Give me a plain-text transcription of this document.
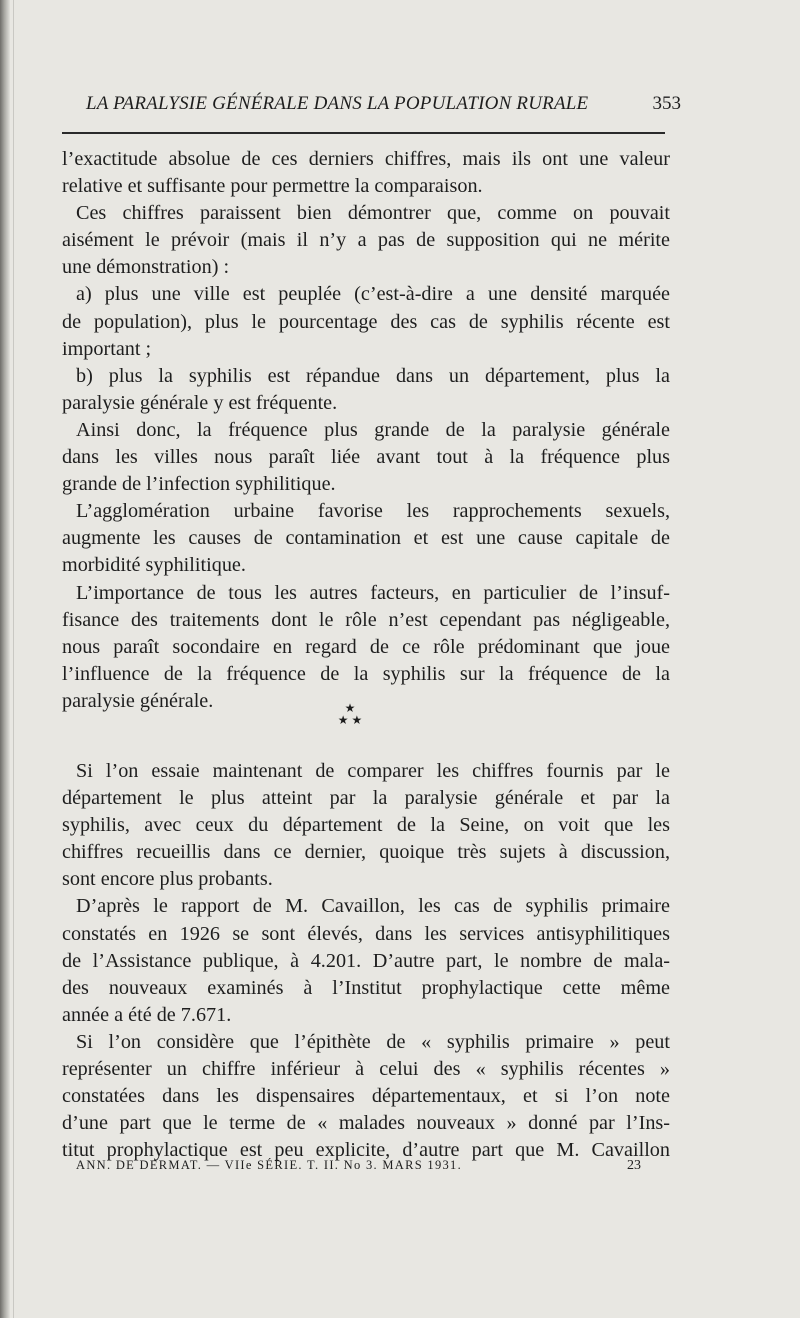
LA PARALYSIE GÉNÉRALE DANS LA POPULATION RURALE	353
l’exactitude absolue de ces derniers chiffres, mais ils ont une valeur
relative et suffisante pour permettre la comparaison.
Ces chiffres paraissent bien démontrer que, comme on pouvait
aisément le prévoir (mais il n’y a pas de supposition qui ne mérite
une démonstration) :
a) plus une ville est peuplée (c’est-à-dire a une densité marquée
de population), plus le pourcentage des cas de syphilis récente est
important ;
b) plus la syphilis est répandue dans un département, plus la
paralysie générale y est fréquente.
Ainsi donc, la fréquence plus grande de la paralysie générale
dans les villes nous paraît liée avant tout à la fréquence plus
grande de l’infection syphilitique.
L’agglomération urbaine favorise les rapprochements sexuels,
augmente les causes de contamination et est une cause capitale de
morbidité syphilitique.
L’importance de tous les autres facteurs, en particulier de l’insuf-
fisance des traitements dont le rôle n’est cependant pas négligeable,
nous paraît socondaire en regard de ce rôle prédominant que joue
l’influence de la fréquence de la syphilis sur la fréquence de la
paralysie générale.	★
★ ★
Si l’on essaie maintenant de comparer les chiffres fournis par le
département le plus atteint par la paralysie générale et par la
syphilis, avec ceux du département de la Seine, on voit que les
chiffres recueillis dans ce dernier, quoique très sujets à discussion,
sont encore plus probants.
D’après le rapport de M. Cavaillon, les cas de syphilis primaire
constatés en 1926 se sont élevés, dans les services antisyphilitiques
de l’Assistance publique, à 4.201. D’autre part, le nombre de mala-
des nouveaux examinés à l’Institut prophylactique cette même
année a été de 7.671.
Si l’on considère que l’épithète de « syphilis primaire » peut
représenter un chiffre inférieur à celui des « syphilis récentes »
constatées dans les dispensaires départementaux, et si l’on note
d’une part que le terme de « malades nouveaux » donné par l’Ins-
titut prophylactique est peu explicite, d’autre part que M. Cavaillon
ANN. DE DERMAT. — VIIe SÉRIE. T. II. No 3. MARS 1931.	23
